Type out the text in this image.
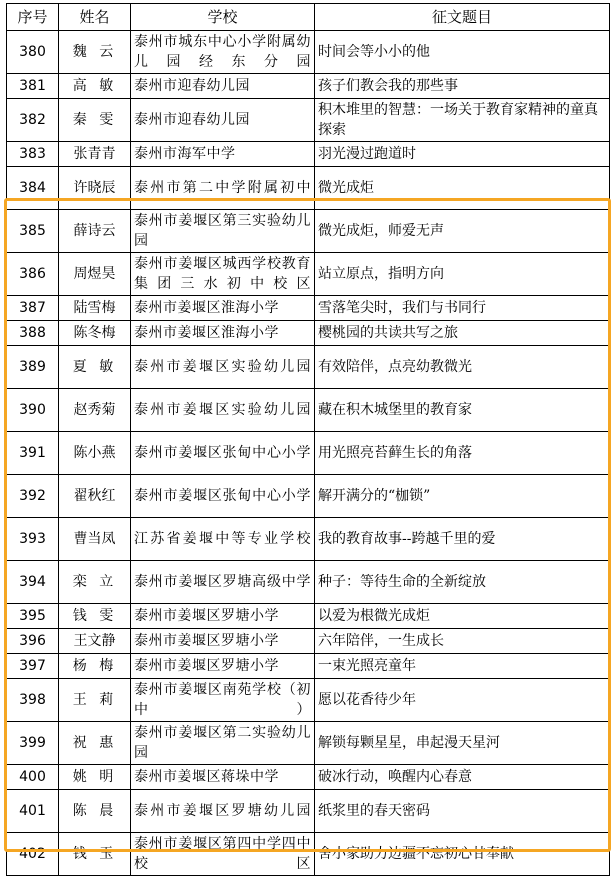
序号	姓名	学校	征文题目
380	魏云	泰州市城东中心小学附属幼儿园经东分园	时间会等小小的他
381	高敏	泰州市迎春幼儿园	孩子们教会我的那些事
382	秦雯	泰州市迎春幼儿园	积木堆里的智慧：一场关于教育家精神的童真探索
383	张青青	泰州市海军中学	羽光漫过跑道时
384	许晓辰	泰州市第二中学附属初中	微光成炬
385	薛诗云	泰州市姜堰区第三实验幼儿园	微光成炬，师爱无声
386	周煜昊	泰州市姜堰区城西学校教育集团三水初中校区	站立原点，指明方向
387	陆雪梅	泰州市姜堰区淮海小学	雪落笔尖时，我们与书同行
388	陈冬梅	泰州市姜堰区淮海小学	樱桃园的共读共写之旅
389	夏敏	泰州市姜堰区实验幼儿园	有效陪伴，点亮幼教微光
390	赵秀菊	泰州市姜堰区实验幼儿园	藏在积木城堡里的教育家
391	陈小燕	泰州市姜堰区张甸中心小学	用光照亮苔藓生长的角落
392	翟秋红	泰州市姜堰区张甸中心小学	解开满分的“枷锁”
393	曹当凤	江苏省姜堰中等专业学校	我的教育故事--跨越千里的爱
394	栾立	泰州市姜堰区罗塘高级中学	种子：等待生命的全新绽放
395	钱雯	泰州市姜堰区罗塘小学	以爱为根微光成炬
396	王文静	泰州市姜堰区罗塘小学	六年陪伴，一生成长
397	杨梅	泰州市姜堰区罗塘小学	一束光照亮童年
398	王莉	泰州市姜堰区南苑学校（初中）	愿以花香待少年
399	祝惠	泰州市姜堰区第二实验幼儿园	解锁每颗星星，串起漫天星河
400	姚明	泰州市姜堰区蒋垛中学	破冰行动，唤醒内心春意
401	陈晨	泰州市姜堰区罗塘幼儿园	纸浆里的春天密码
402	钱玉	泰州市姜堰区第四中学四中校区	舍小家助力边疆不忘初心甘奉献
